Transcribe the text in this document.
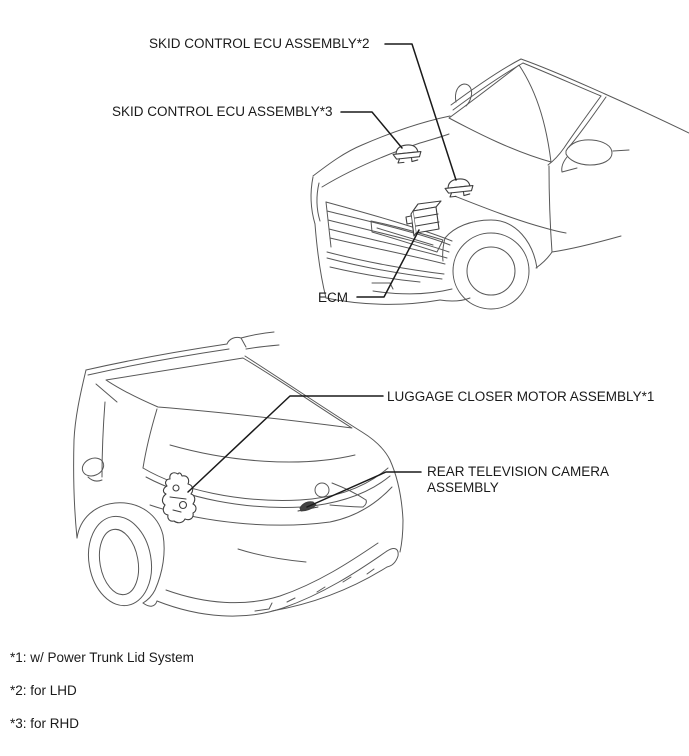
SKID CONTROL ECU ASSEMBLY*2
SKID CONTROL ECU ASSEMBLY*3
ECM
LUGGAGE CLOSER MOTOR ASSEMBLY*1
REAR TELEVISION CAMERA
ASSEMBLY
*1: w/ Power Trunk Lid System
*2: for LHD
*3: for RHD
